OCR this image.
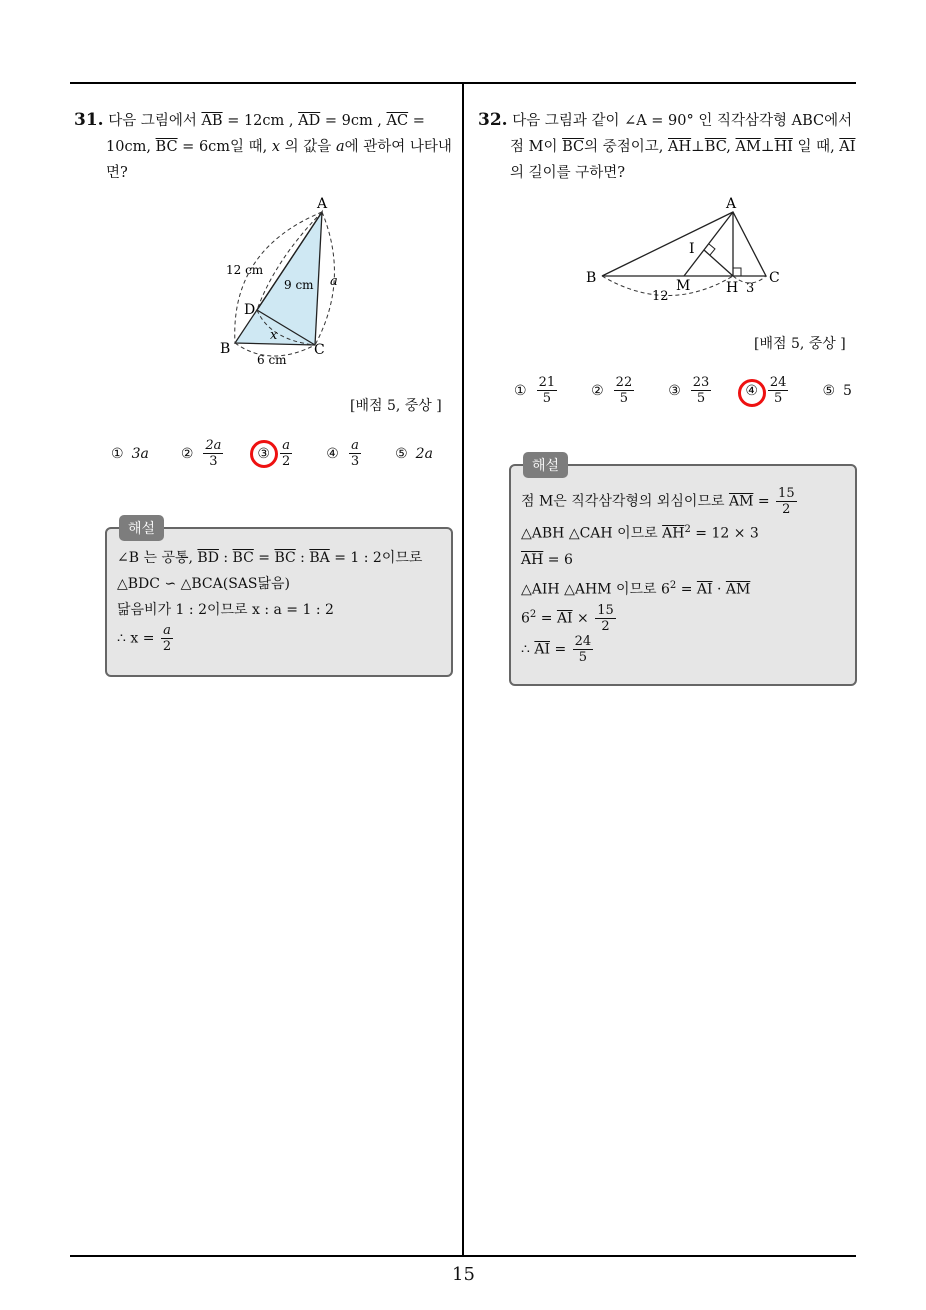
15
31. 다음 그림에서 $\overline{AB} = 12cm$ , $\overline{AD} = 9cm$ , $\overline{AC}$ =
10cm, $\overline{BC} = 6cm$일 때, x 의 값을 a에 관하여 나타내
면?
A
B	C
D
12 cm
9 cm a
x
6 cm
[배점 5, 중상 ]
① 3a ② $\frac{2a}{3}$ ③ $\frac{a}{2}$ ④ $\frac{a}{3}$ ⑤ 2a
∠B 는 공통, $\overline{BD}$ : $\overline{BC} = \overline{BC}$ : $\overline{BA} = 1$ : 2이므로
△BDC ∽ △BCA(SAS닮음)
닮음비가 1 : 2이므로 x : a = 1 : 2
∴ $x = \frac{a}{2}$
해설
32. 다음 그림과 같이 ∠A = 90° 인 직각삼각형 ABC에서
점 M이 $\overline{BC}$의 중점이고, $\overline{AH}\perp\overline{BC}$, $\overline{AM}\perp\overline{HI}$ 일 때, $\overline{AI}$
의 길이를 구하면?
A
B	C
I
M	H
12
3
[배점 5, 중상 ]
① $\frac{21}{5}$ ② $\frac{22}{5}$ ③ $\frac{23}{5}$ ④ $\frac{24}{5}$ ⑤ 5
점 M은 직각삼각형의 외심이므로 $\overline{AM} = \frac{15}{2}$
△ABH △CAH 이므로 $\overline{AH}^2 = 12 \times 3$
$\overline{AH} = 6$
△AIH △AHM 이므로 $6^2 = \overline{AI} \cdot \overline{AM}$
$6^2 = \overline{AI} \times \frac{15}{2}$
∴ $\overline{AI} = \frac{24}{5}$
해설
